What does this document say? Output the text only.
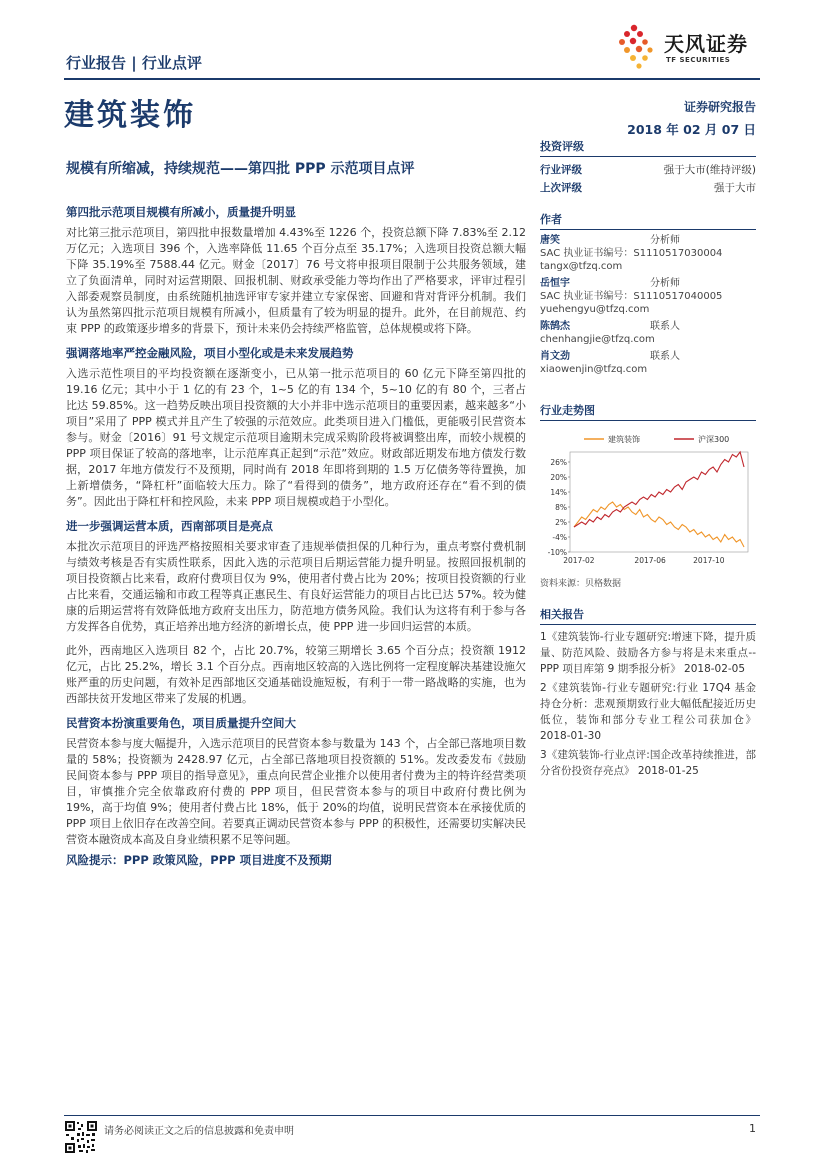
行业报告 | 行业点评
天风证券
TF SECURITIES
建筑装饰	证券研究报告
2018 年 02 月 07 日
规模有所缩减，持续规范——第四批 PPP 示范项目点评
第四批示范项目规模有所减小，质量提升明显
对比第三批示范项目，第四批申报数量增加 4.43%至 1226 个，投资总额下降 7.83%至 2.12 万亿元；入选项目 396 个，入选率降低 11.65 个百分点至 35.17%；入选项目投资总额大幅下降 35.19%至 7588.44 亿元。财金〔2017〕76 号文将申报项目限制于公共服务领域，建立了负面清单，同时对运营期限、回报机制、财政承受能力等均作出了严格要求，评审过程引入部委观察员制度，由系统随机抽选评审专家并建立专家保密、回避和背对背评分机制。我们认为虽然第四批示范项目规模有所减小，但质量有了较为明显的提升。此外，在目前规范、约束 PPP 的政策逐步增多的背景下，预计未来仍会持续严格监管，总体规模或将下降。
强调落地率严控金融风险，项目小型化或是未来发展趋势
入选示范性项目的平均投资额在逐渐变小，已从第一批示范项目的 60 亿元下降至第四批的 19.16 亿元；其中小于 1 亿的有 23 个，1~5 亿的有 134 个，5~10 亿的有 80 个，三者占比达 59.85%。这一趋势反映出项目投资额的大小并非中选示范项目的重要因素，越来越多“小项目”采用了 PPP 模式并且产生了较强的示范效应。此类项目进入门槛低，更能吸引民营资本参与。财金〔2016〕91 号文规定示范项目逾期未完成采购阶段将被调整出库，而较小规模的 PPP 项目保证了较高的落地率，让示范库真正起到“示范”效应。财政部近期发布地方债发行数据，2017 年地方债发行不及预期，同时尚有 2018 年即将到期的 1.5 万亿债务等待置换，加上新增债务，“降杠杆”面临较大压力。除了“看得到的债务”，地方政府还存在“看不到的债务”。因此出于降杠杆和控风险，未来 PPP 项目规模或趋于小型化。
进一步强调运营本质，西南部项目是亮点
本批次示范项目的评选严格按照相关要求审查了违规举债担保的几种行为，重点考察付费机制与绩效考核是否有实质性联系，因此入选的示范项目后期运营能力提升明显。按照回报机制的项目投资额占比来看，政府付费项目仅为 9%，使用者付费占比为 20%；按项目投资额的行业占比来看，交通运输和市政工程等真正惠民生、有良好运营能力的项目占比已达 57%。较为健康的后期运营将有效降低地方政府支出压力，防范地方债务风险。我们认为这将有利于参与各方发挥各自优势，真正培养出地方经济的新增长点，使 PPP 进一步回归运营的本质。
此外，西南地区入选项目 82 个，占比 20.7%，较第三期增长 3.65 个百分点；投资额 1912 亿元，占比 25.2%，增长 3.1 个百分点。西南地区较高的入选比例将一定程度解决基建设施欠账严重的历史问题，有效补足西部地区交通基础设施短板，有利于一带一路战略的实施，也为西部扶贫开发地区带来了发展的机遇。
民营资本扮演重要角色，项目质量提升空间大
民营资本参与度大幅提升，入选示范项目的民营资本参与数量为 143 个，占全部已落地项目数量的 58%；投资额为 2428.97 亿元，占全部已落地项目投资额的 51%。发改委发布《鼓励民间资本参与 PPP 项目的指导意见》，重点向民营企业推介以使用者付费为主的特许经营类项目，审慎推介完全依靠政府付费的 PPP 项目，但民营资本参与的项目中政府付费比例为 19%，高于均值 9%；使用者付费占比 18%，低于 20%的均值，说明民营资本在承接优质的 PPP 项目上依旧存在改善空间。若要真正调动民营资本参与 PPP 的积极性，还需要切实解决民营资本融资成本高及自身业绩积累不足等问题。
风险提示：PPP 政策风险，PPP 项目进度不及预期
投资评级
行业评级	强于大市(维持评级)
上次评级	强于大市
作者
唐笑	分析师
SAC 执业证书编号：S1110517030004
tangx@tfzq.com
岳恒宇	分析师
SAC 执业证书编号：S1110517040005
yuehengyu@tfzq.com
陈鹄杰	联系人
chenhangjie@tfzq.com
肖文劲	联系人
xiaowenjin@tfzq.com
行业走势图
-10%
-4%
2%
8%
14%
20%
26%
2017-02	2017-06	2017-10
建筑装饰	沪深300
资料来源：贝格数据
相关报告
1《建筑装饰-行业专题研究:增速下降，提升质量、防范风险、鼓励各方参与将是未来重点--PPP 项目库第 9 期季报分析》 2018-02-05
2《建筑装饰-行业专题研究:行业 17Q4 基金持仓分析：悲观预期致行业大幅低配接近历史低位，装饰和部分专业工程公司获加仓》 2018-01-30
3《建筑装饰-行业点评:国企改革持续推进，部分省份投资存亮点》 2018-01-25
请务必阅读正文之后的信息披露和免责申明	1
